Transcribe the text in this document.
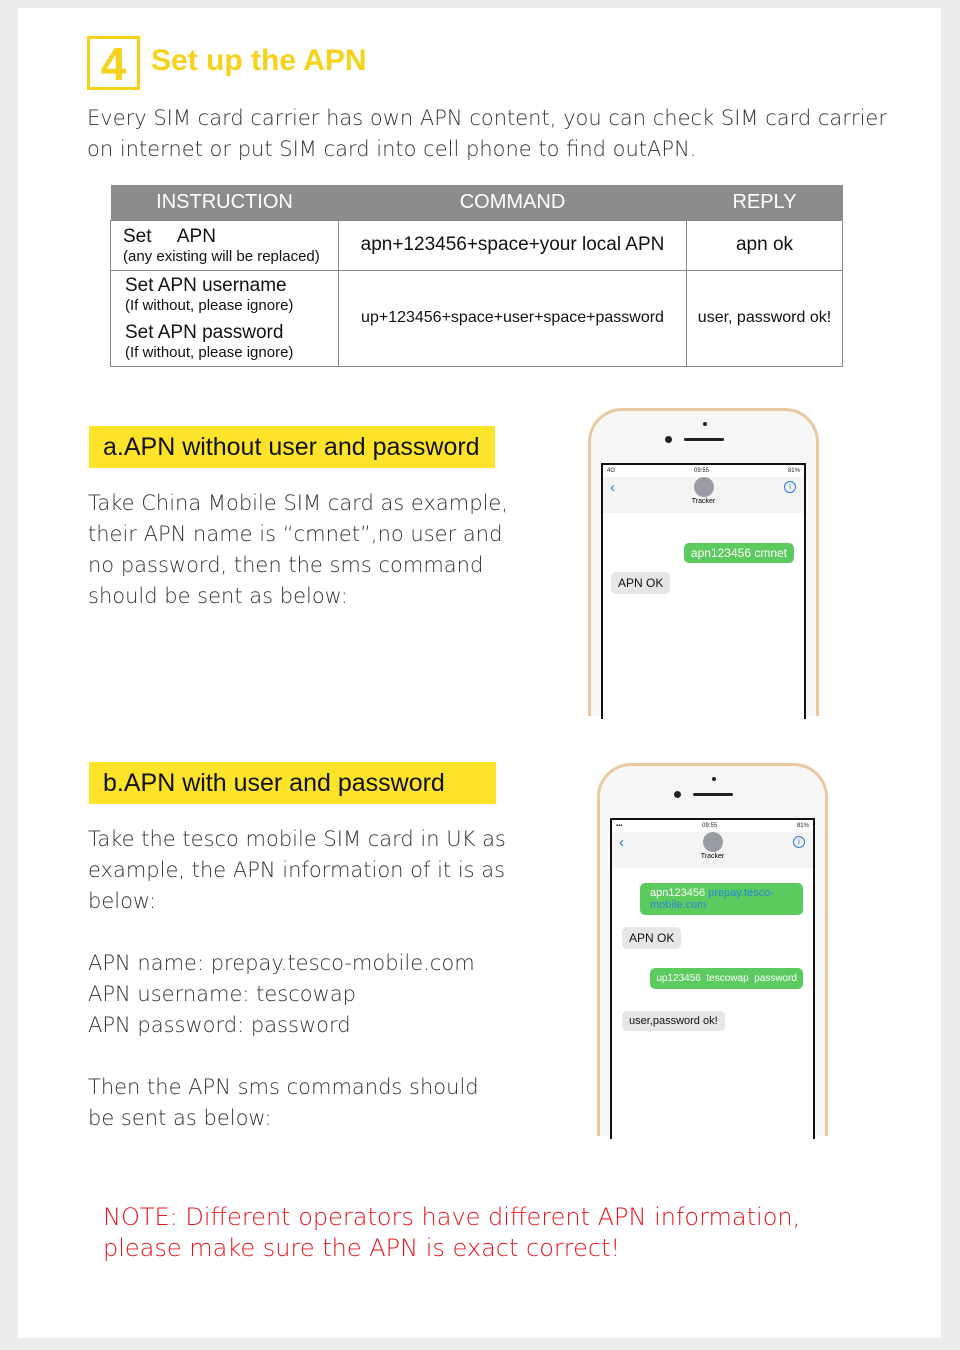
4 Set up the APN
Every SIM card carrier has own APN content, you can check SIM card carrier on internet or put SIM card into cell phone to find outAPN.
INSTRUCTION	COMMAND	REPLY

Set     APN
(any existing will be replaced)	apn+123456+space+your local APN	apn ok

Set APN username
(If without, please ignore)
Set APN password
(If without, please ignore)	up+123456+space+user+space+password	user, password ok!
a.APN without user and password
Take China Mobile SIM card as example, their APN name is “cmnet”,no user and no password, then the sms command should be sent as below:
4G	09:55	81%
‹
Tracker
i
apn123456 cmnet
APN OK
b.APN with user and password
Take the tesco mobile SIM card in UK as example, the APN information of it is as below:
APN name: prepay.tesco-mobile.com
APN username: tescowap
APN password: password
Then the APN sms commands should be sent as below:
▪▪▪	09:55	81%
‹
Tracker
i
apn123456 prepay.tesco-mobile.com
APN OK
up123456  tescowap  password
user,password ok!
NOTE: Different operators have different APN information, please make sure the APN is exact correct!
